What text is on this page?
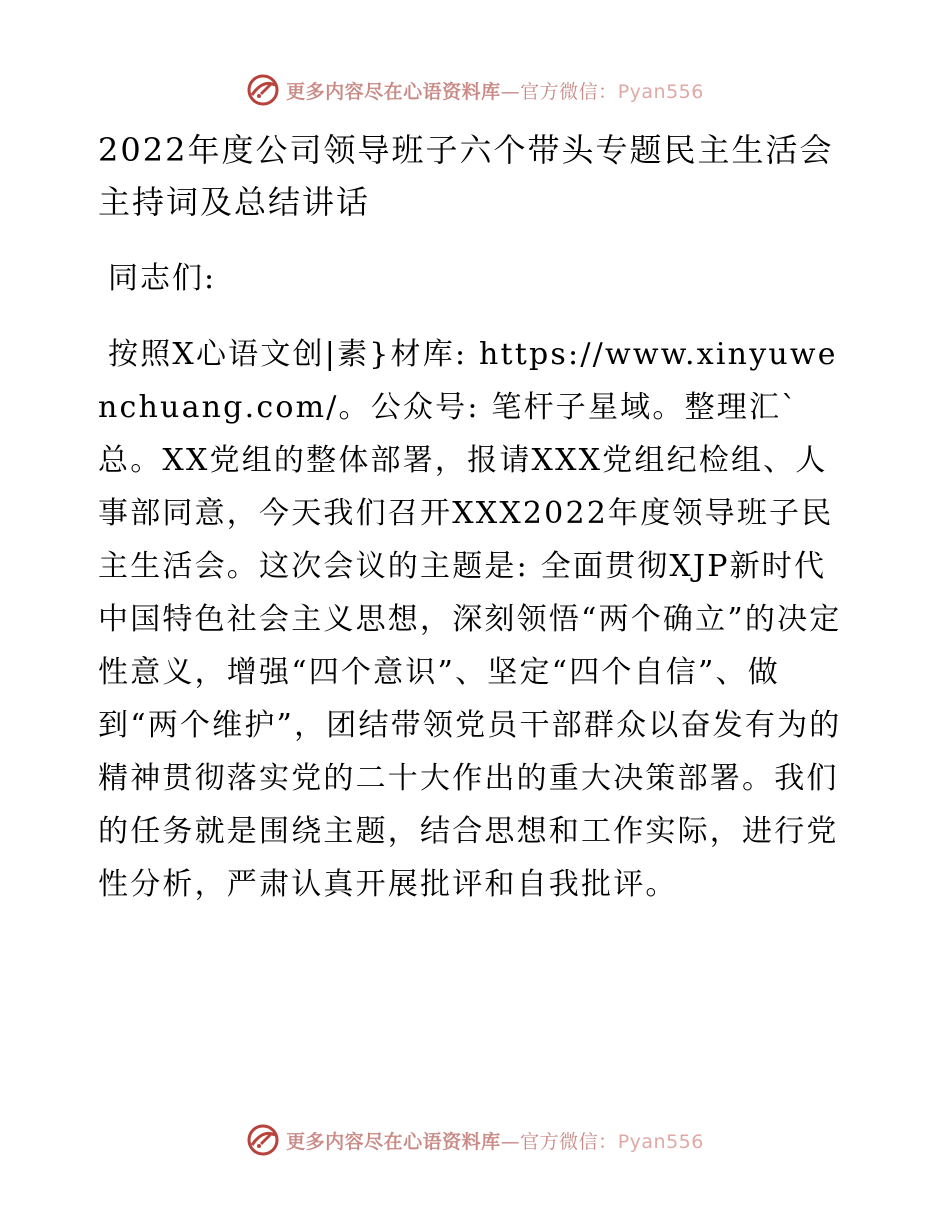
更多内容尽在心语资料库—官方微信：Pyan556
2022年度公司领导班子六个带头专题民主生活会主持词及总结讲话

同志们:

按照X心语文创|素}材库: https://www.xinyuwenchuang.com/。公众号: 笔杆子星域。整理汇`总。XX党组的整体部署，报请XXX党组纪检组、人事部同意，今天我们召开XXX2022年度领导班子民主生活会。这次会议的主题是: 全面贯彻XJP新时代中国特色社会主义思想，深刻领悟“两个确立”的决定性意义，增强“四个意识”、坚定“四个自信”、做到“两个维护”，团结带领党员干部群众以奋发有为的精神贯彻落实党的二十大作出的重大决策部署。我们的任务就是围绕主题，结合思想和工作实际，进行党性分析，严肃认真开展批评和自我批评。

更多内容尽在心语资料库—官方微信：Pyan556
